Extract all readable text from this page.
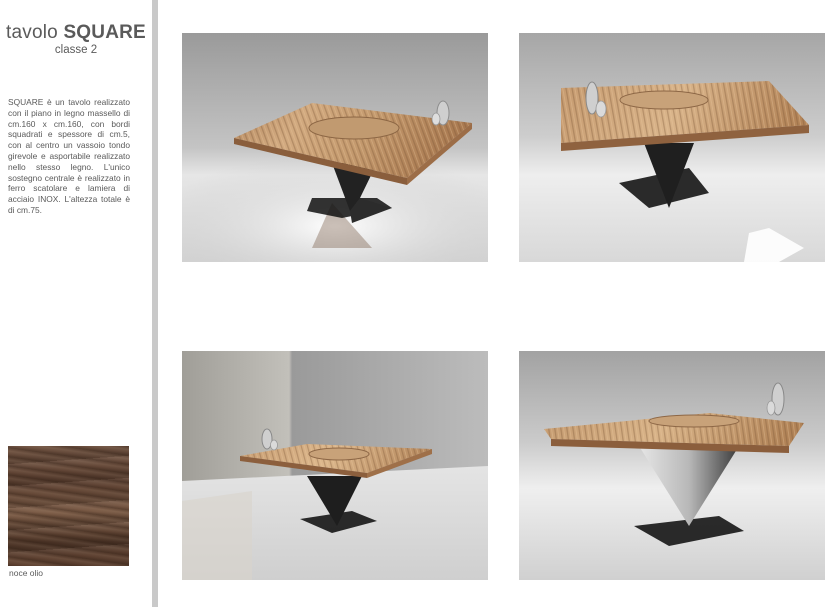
tavolo SQUARE
classe 2
SQUARE è un tavolo realizzato con il piano in legno massello di cm.160 x cm.160, con bordi squadrati e spessore di cm.5, con al centro un vassoio tondo girevole e asportabile realizzato nello stesso legno. L'unico sostegno centrale è realizzato in ferro scatolare e lamiera di acciaio INOX. L'altezza totale è di cm.75.
noce olio
